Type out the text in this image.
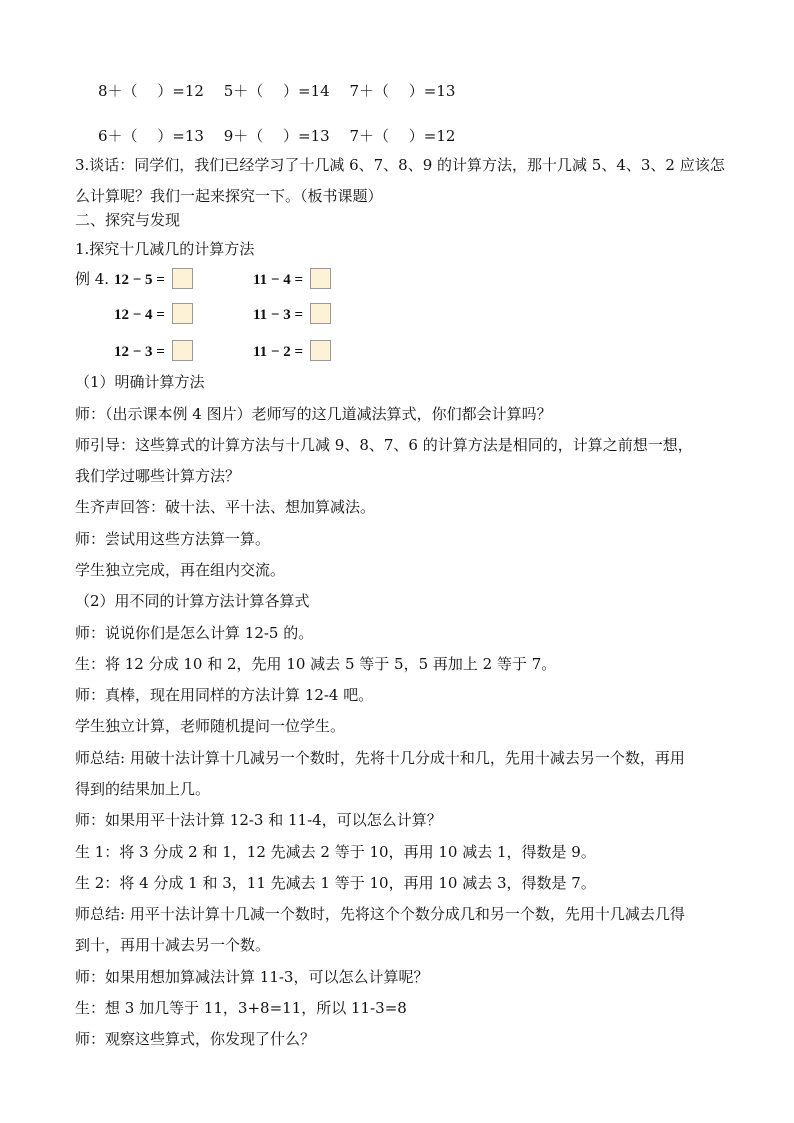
8＋（　 ）=12　 5＋（　 ）=14　 7＋（　 ）=13
6＋（　 ）=13　 9＋（　 ）=13　 7＋（　 ）=12
3.谈话：同学们，我们已经学习了十几减 6、7、8、9 的计算方法，那十几减 5、4、3、2 应该怎么计算呢？我们一起来探究一下。（板书课题）
二、探究与发现
1.探究十几减几的计算方法
例 4. 12 − 5 =	11 − 4 =
12 − 4 =	11 − 3 =
12 − 3 =	11 − 2 =
（1）明确计算方法
师：（出示课本例 4 图片）老师写的这几道减法算式，你们都会计算吗？
师引导：这些算式的计算方法与十几减 9、8、7、6 的计算方法是相同的，计算之前想一想，
我们学过哪些计算方法？
生齐声回答：破十法、平十法、想加算减法。
师：尝试用这些方法算一算。
学生独立完成，再在组内交流。
（2）用不同的计算方法计算各算式
师：说说你们是怎么计算 12-5 的。
生：将 12 分成 10 和 2，先用 10 减去 5 等于 5，5 再加上 2 等于 7。
师：真棒，现在用同样的方法计算 12-4 吧。
学生独立计算，老师随机提问一位学生。
师总结: 用破十法计算十几减另一个数时，先将十几分成十和几，先用十减去另一个数，再用
得到的结果加上几。
师：如果用平十法计算 12-3 和 11-4，可以怎么计算？
生 1：将 3 分成 2 和 1，12 先减去 2 等于 10，再用 10 减去 1，得数是 9。
生 2：将 4 分成 1 和 3，11 先减去 1 等于 10，再用 10 减去 3，得数是 7。
师总结: 用平十法计算十几减一个数时，先将这个个数分成几和另一个数，先用十几减去几得
到十，再用十减去另一个数。
师：如果用想加算减法计算 11-3，可以怎么计算呢？
生：想 3 加几等于 11，3+8=11，所以 11-3=8
师：观察这些算式，你发现了什么？
